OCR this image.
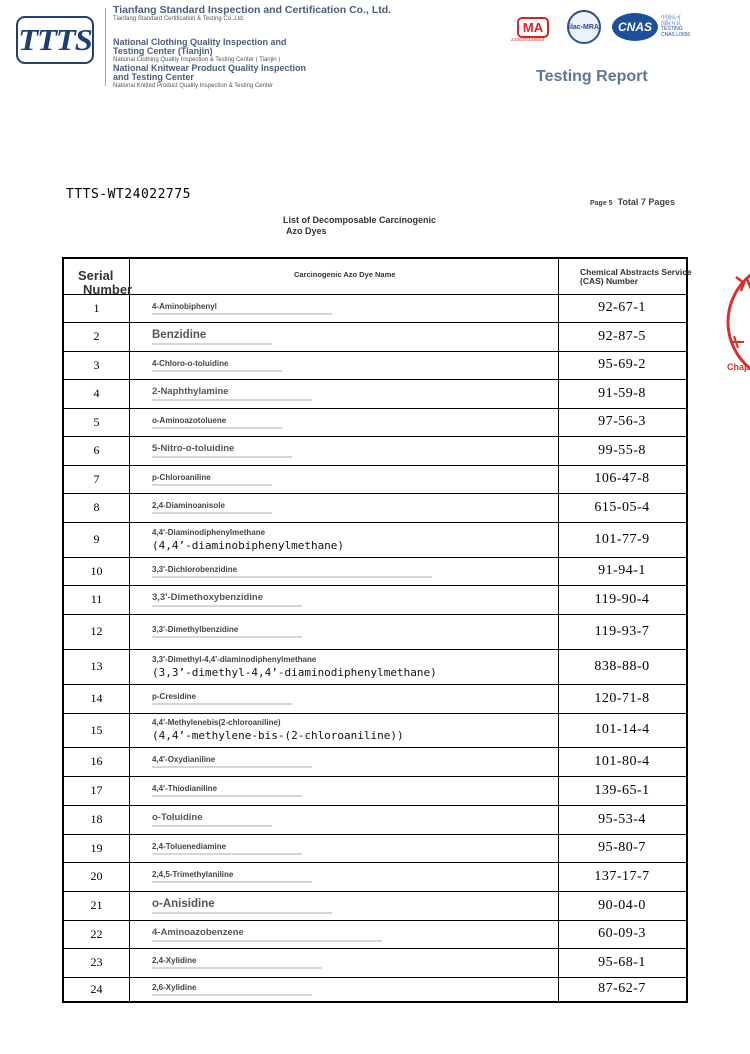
TTTS
Tianfang Standard Inspection and Certification Co., Ltd.
Tianfang Standard Certification & Testing Co.,Ltd.
National Clothing Quality Inspection and Testing Center (Tianjin)
National Clothing Quality Inspection & Testing Center ( Tianjin )
National Knitwear Product Quality Inspection and Testing Center
National Knitted Product Quality Inspection & Testing Center
MA
230020349666
ilac-MRA	CNAS
中国认可
国际互认
TESTING
CNAS L0656
Testing Report
TTTS-WT24022775
Page 5 Total 7 Pages
List of Decomposable Carcinogenic
Azo Dyes
Chap
Serial
Number
Carcinogenic Azo Dye Name	Chemical Abstracts Service
(CAS) Number
1	4-Aminobiphenyl	92-67-1
2	Benzidine	92-87-5
3	4-Chloro-o-toluidine	95-69-2
4	2-Naphthylamine	91-59-8
5	o-Aminoazotoluene	97-56-3
6	5-Nitro-o-toluidine	99-55-8
7	p-Chloroaniline	106-47-8
8	2,4-Diaminoanisole	615-05-4
9	4,4'-Diaminodiphenylmethane
(4,4’-diaminobiphenylmethane)	101-77-9
10	3,3'-Dichlorobenzidine	91-94-1
11	3,3'-Dimethoxybenzidine	119-90-4
12	3,3'-Dimethylbenzidine	119-93-7
13	3,3'-Dimethyl-4,4'-diaminodiphenylmethane
(3,3’-dimethyl-4,4’-diaminodiphenylmethane)	838-88-0
14	p-Cresidine	120-71-8
15	4,4'-Methylenebis(2-chloroaniline)
(4,4’-methylene-bis-(2-chloroaniline))	101-14-4
16	4,4'-Oxydianiline	101-80-4
17	4,4'-Thiodianiline	139-65-1
18	o-Toluidine	95-53-4
19	2,4-Toluenediamine	95-80-7
20	2,4,5-Trimethylaniline	137-17-7
21	o-Anisidine	90-04-0
22	4-Aminoazobenzene	60-09-3
23	2,4-Xylidine	95-68-1
24	2,6-Xylidine	87-62-7
